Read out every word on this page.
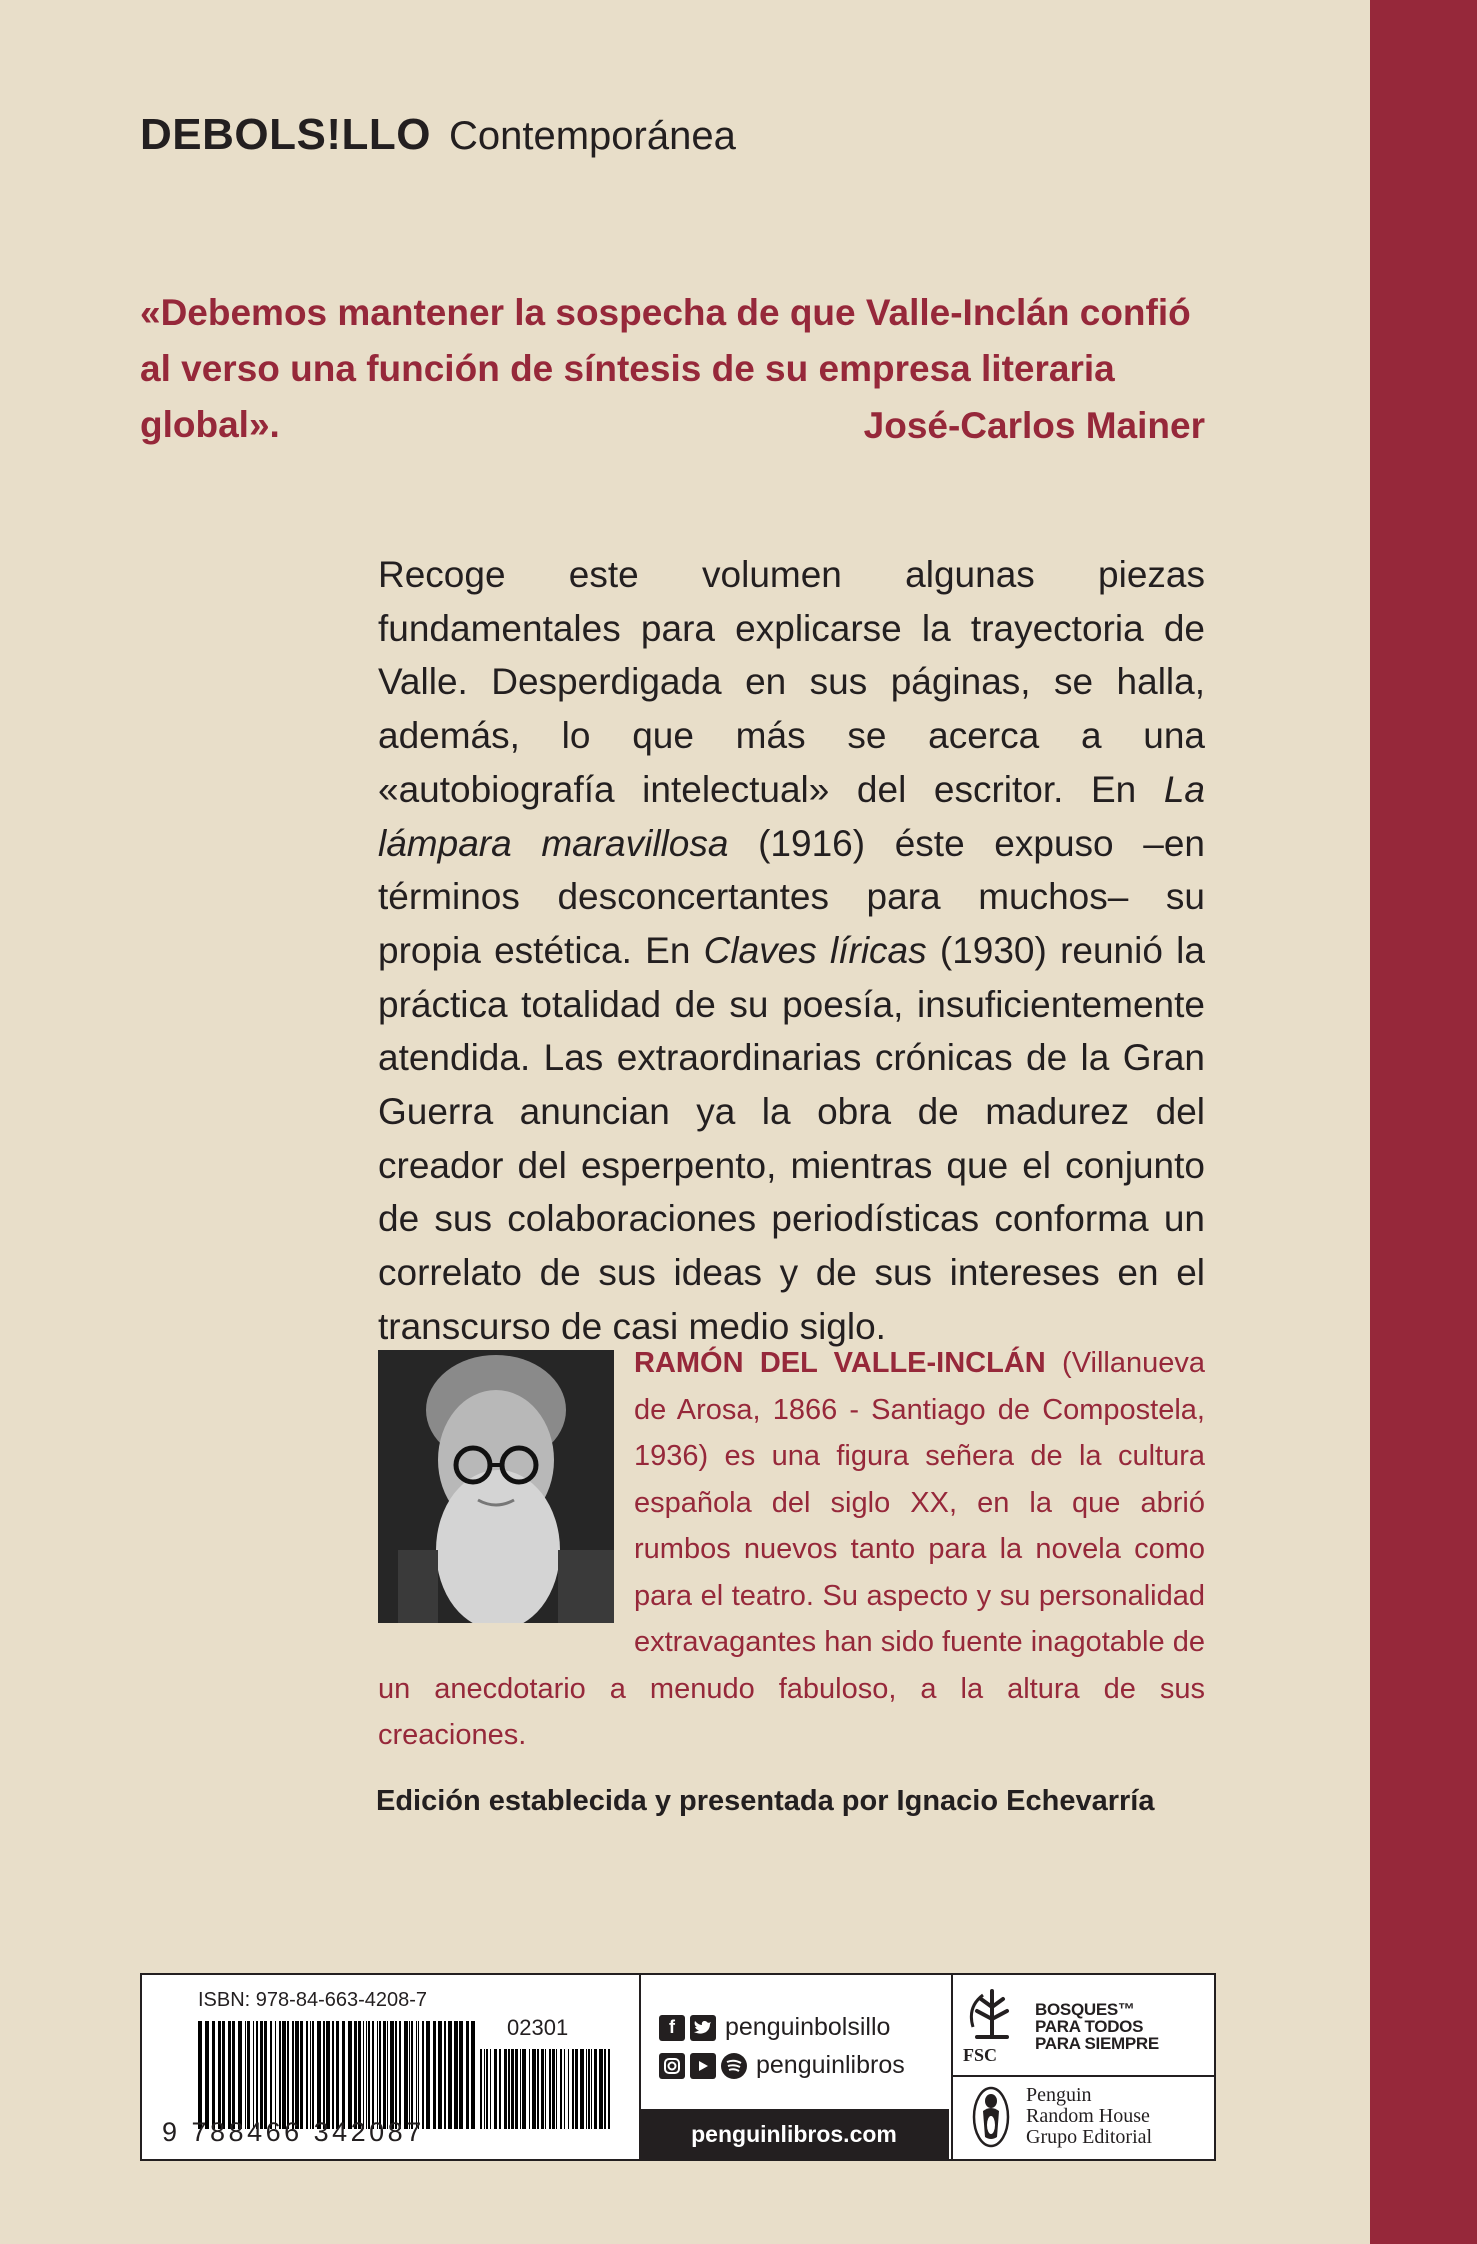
DEBOLS!LLO Contemporánea
«Debemos mantener la sospecha de que Valle-Inclán confió al verso una función de síntesis de su empresa literaria global».	José-Carlos Mainer
Recoge este volumen algunas piezas fundamentales para explicarse la trayectoria de Valle. Desperdigada en sus páginas, se halla, además, lo que más se acerca a una «autobiografía intelectual» del escritor. En La lámpara maravillosa (1916) éste expuso –en términos desconcertantes para muchos– su propia estética. En Claves líricas (1930) reunió la práctica totalidad de su poesía, insuficientemente atendida. Las extraordinarias crónicas de la Gran Guerra anuncian ya la obra de madurez del creador del esperpento, mientras que el conjunto de sus colaboraciones periodísticas conforma un correlato de sus ideas y de sus intereses en el transcurso de casi medio siglo.
RAMÓN DEL VALLE-INCLÁN (Villanueva de Arosa, 1866 - Santiago de Compostela, 1936) es una figura señera de la cultura española del siglo XX, en la que abrió rumbos nuevos tanto para la novela como para el teatro. Su aspecto y su personalidad extravagantes han sido fuente inagotable de un anecdotario a menudo fabuloso, a la altura de sus creaciones.
Edición establecida y presentada por Ignacio Echevarría
ISBN: 978-84-663-4208-7
02301
9 788466 342087
f	penguinbolsillo
penguinlibros
penguinlibros.com
FSC
BOSQUES™
PARA TODOS
PARA SIEMPRE
Penguin
Random House
Grupo Editorial
